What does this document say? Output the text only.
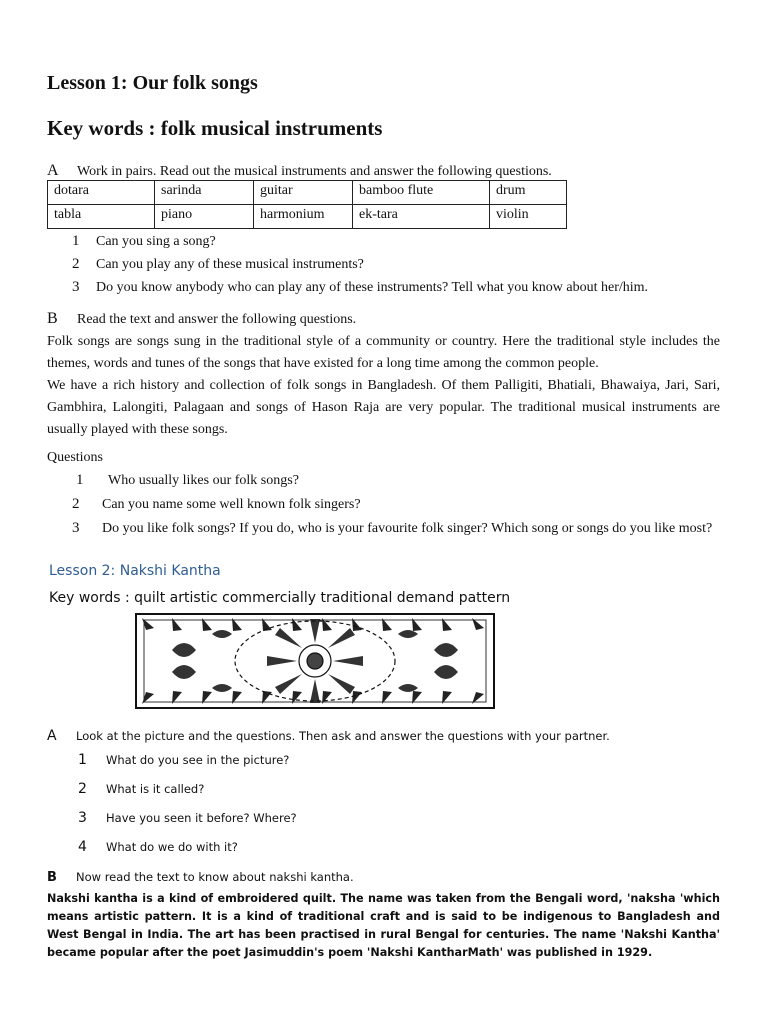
Lesson 1: Our folk songs
Key words : folk musical instruments
A Work in pairs. Read out the musical instruments and answer the following questions.
dotara	sarinda	guitar	bamboo flute	drum
tabla	piano	harmonium	ek-tara	violin
1 Can you sing a song?
2 Can you play any of these musical instruments?
3 Do you know anybody who can play any of these instruments? Tell what you know about her/him.
B Read the text and answer the following questions.
Folk songs are songs sung in the traditional style of a community or country. Here the traditional style includes the themes, words and tunes of the songs that have existed for a long time among the common people.
We have a rich history and collection of folk songs in Bangladesh. Of them Palligiti, Bhatiali, Bhawaiya, Jari, Sari, Gambhira, Lalongiti, Palagaan and songs of Hason Raja are very popular. The traditional musical instruments are usually played with these songs.
Questions
1 Who usually likes our folk songs?
2 Can you name some well known folk singers?
3	Do you like folk songs? If you do, who is your favourite folk singer? Which song or songs do you like most?
Lesson 2: Nakshi Kantha
Key words : quilt artistic commercially traditional demand pattern
A Look at the picture and the questions. Then ask and answer the questions with your partner.
1 What do you see in the picture?
2 What is it called?
3 Have you seen it before? Where?
4 What do we do with it?
B Now read the text to know about nakshi kantha.
Nakshi kantha is a kind of embroidered quilt. The name was taken from the Bengali word, 'naksha 'which means artistic pattern. It is a kind of traditional craft and is said to be indigenous to Bangladesh and West Bengal in India. The art has been practised in rural Bengal for centuries. The name 'Nakshi Kantha' became popular after the poet Jasimuddin's poem 'Nakshi KantharMath' was published in 1929.
